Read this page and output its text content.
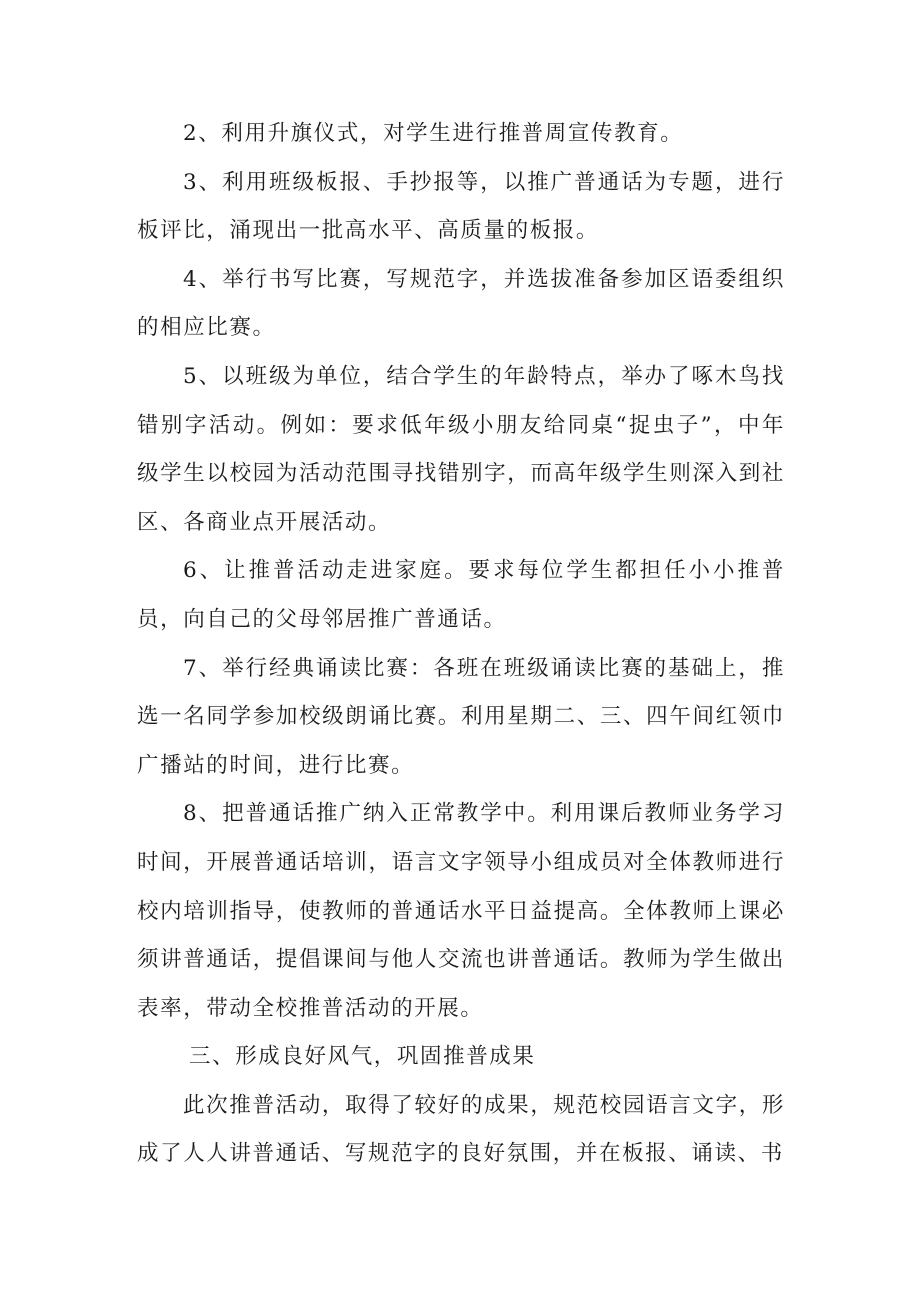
2、利用升旗仪式，对学生进行推普周宣传教育。

3、利用班级板报、手抄报等，以推广普通话为专题，进行板评比，涌现出一批高水平、高质量的板报。

4、举行书写比赛，写规范字，并选拔准备参加区语委组织的相应比赛。

5、以班级为单位，结合学生的年龄特点，举办了啄木鸟找错别字活动。例如：要求低年级小朋友给同桌“捉虫子”，中年级学生以校园为活动范围寻找错别字，而高年级学生则深入到社区、各商业点开展活动。

6、让推普活动走进家庭。要求每位学生都担任小小推普员，向自己的父母邻居推广普通话。

7、举行经典诵读比赛：各班在班级诵读比赛的基础上，推选一名同学参加校级朗诵比赛。利用星期二、三、四午间红领巾广播站的时间，进行比赛。

8、把普通话推广纳入正常教学中。利用课后教师业务学习时间，开展普通话培训，语言文字领导小组成员对全体教师进行校内培训指导，使教师的普通话水平日益提高。全体教师上课必须讲普通话，提倡课间与他人交流也讲普通话。教师为学生做出表率，带动全校推普活动的开展。

三、形成良好风气，巩固推普成果

此次推普活动，取得了较好的成果，规范校园语言文字，形成了人人讲普通话、写规范字的良好氛围，并在板报、诵读、书
